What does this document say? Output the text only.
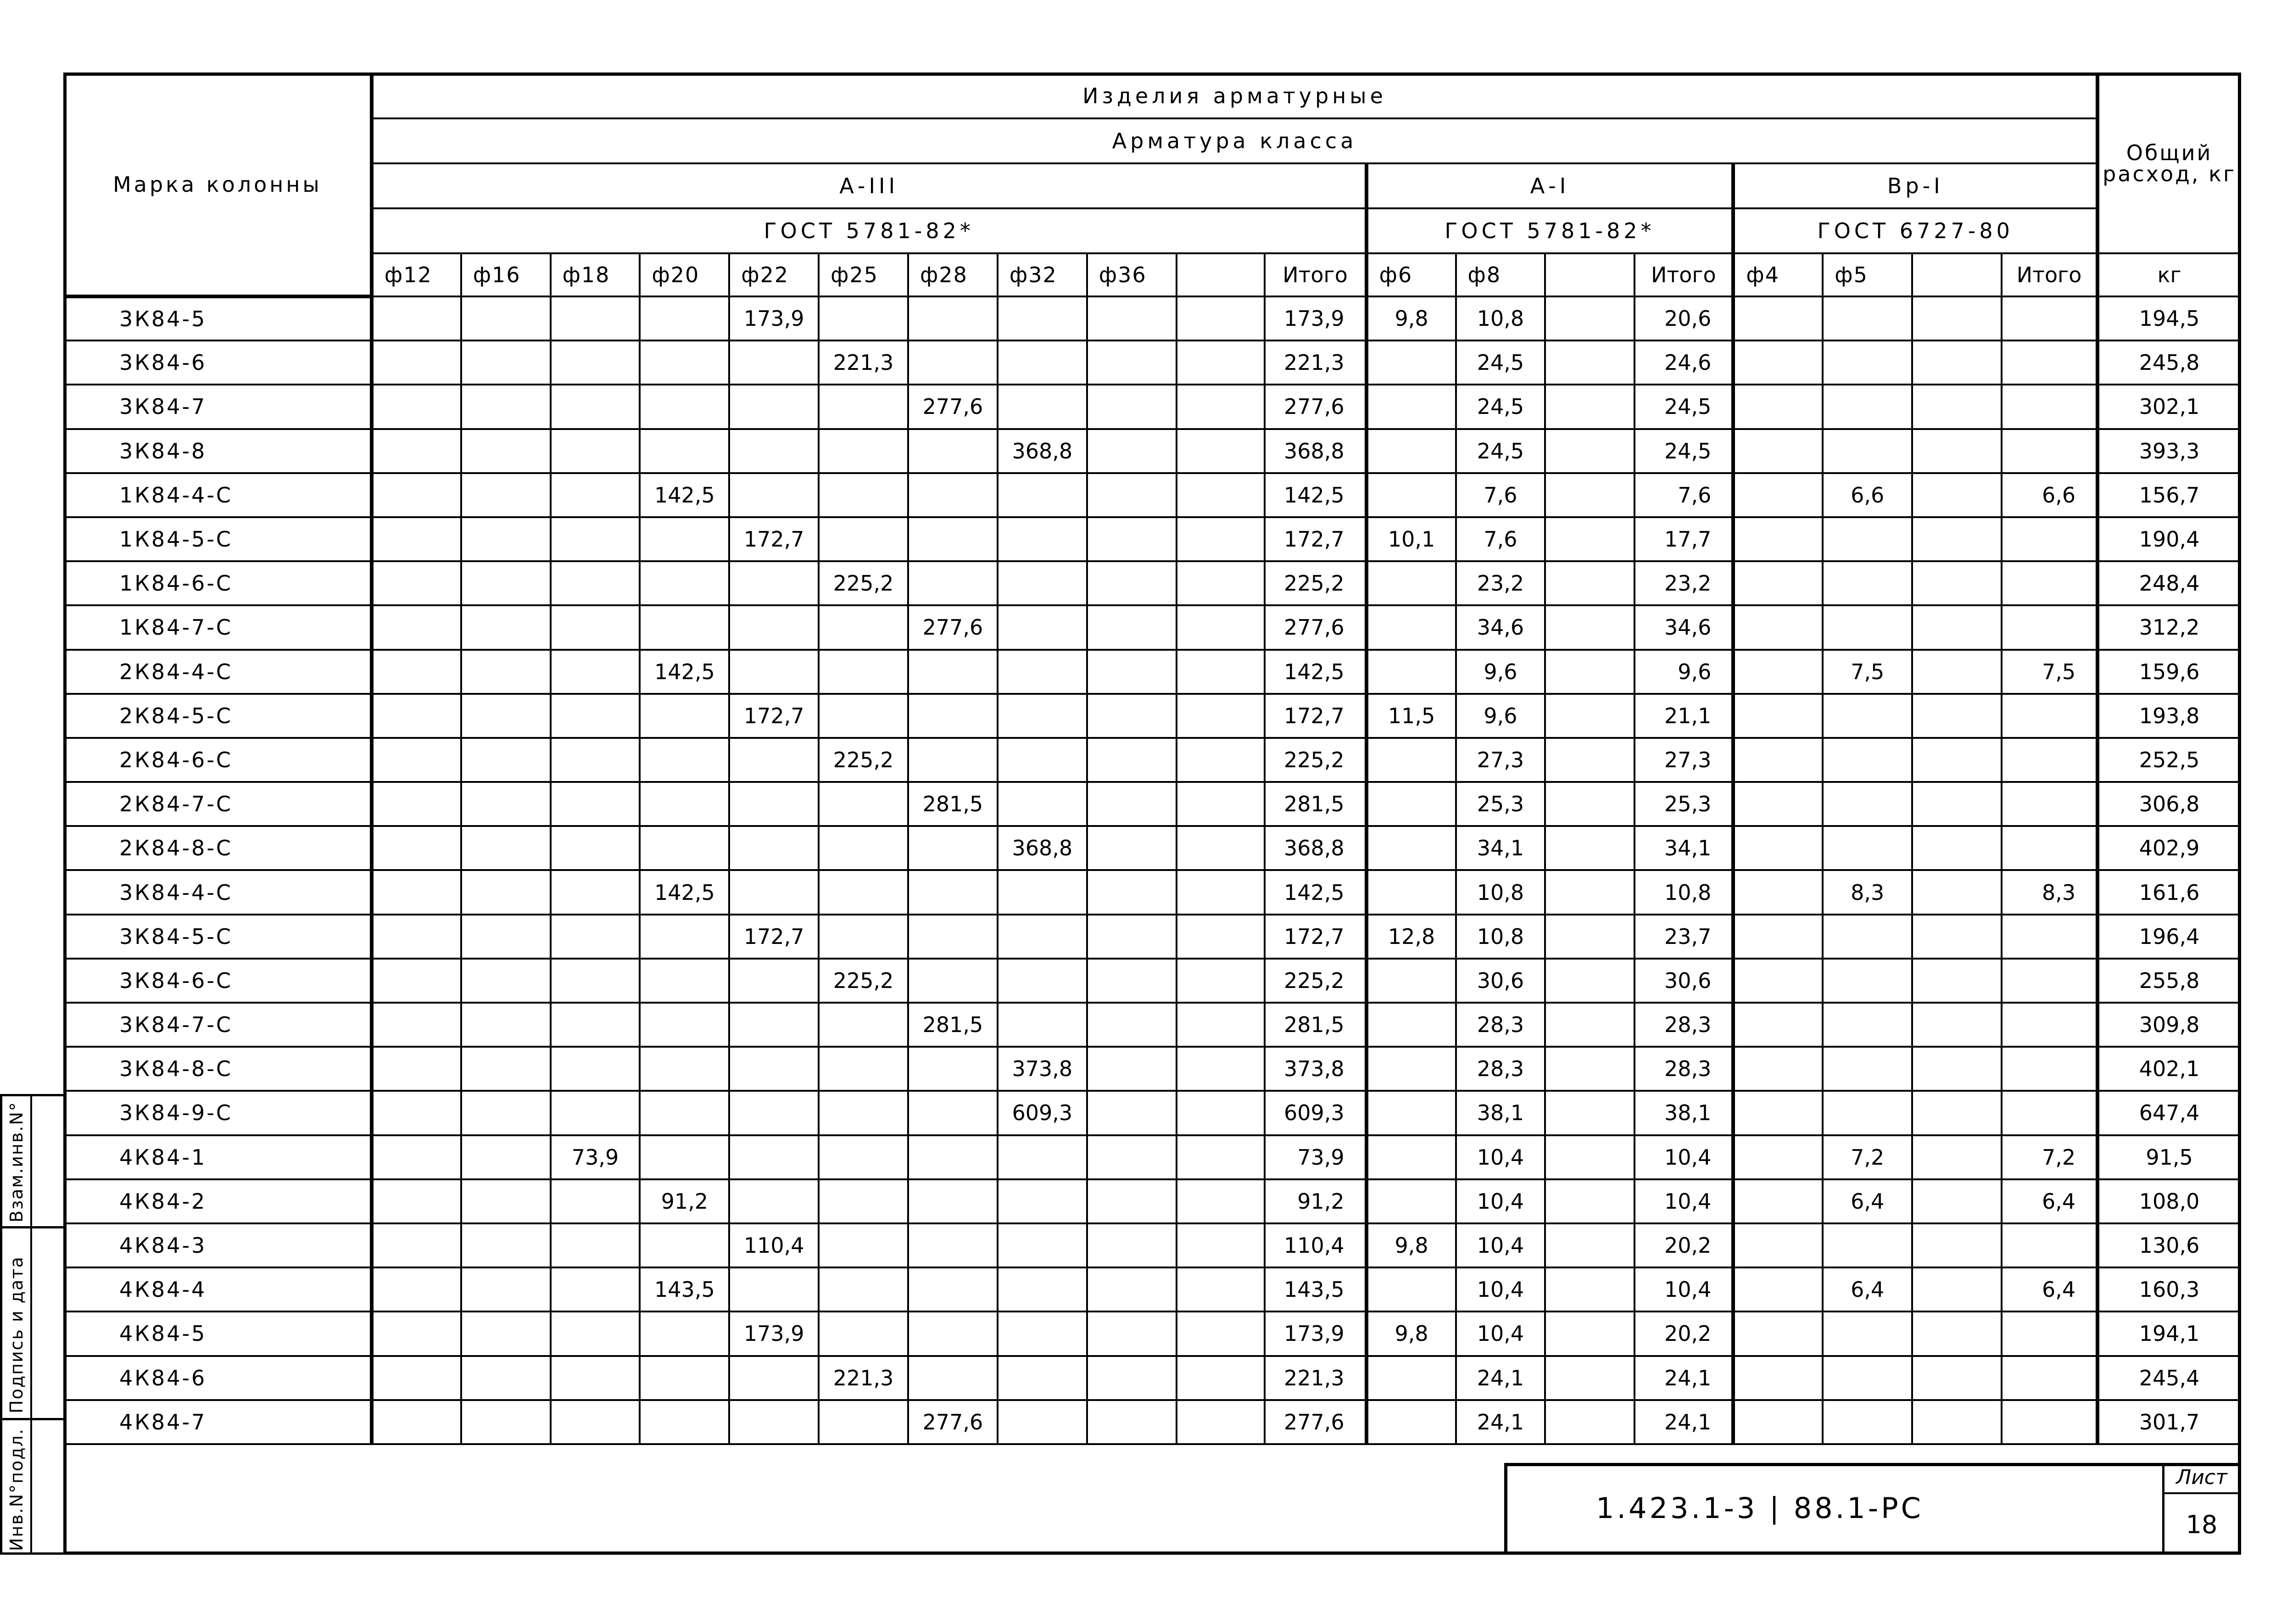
Марка колонны	Изделия арматурные																			Общий расход, кг
	Арматура класса																			
	А-III											А-I				Вр-I				
	ГОСТ 5781-82*											ГОСТ 5781-82*				ГОСТ 6727-80				
	ф12	ф16	ф18	ф20	ф22	ф25	ф28	ф32	ф36		Итого	ф6	ф8		Итого	ф4	ф5		Итого	кг
3К84-5					173,9						173,9	9,8	10,8		20,6					194,5
3К84-6						221,3					221,3		24,5		24,6					245,8
3К84-7							277,6				277,6		24,5		24,5					302,1
3К84-8								368,8			368,8		24,5		24,5					393,3
1К84-4-С				142,5							142,5		7,6		7,6		6,6		6,6	156,7
1К84-5-С					172,7						172,7	10,1	7,6		17,7					190,4
1К84-6-С						225,2					225,2		23,2		23,2					248,4
1К84-7-С							277,6				277,6		34,6		34,6					312,2
2К84-4-С				142,5							142,5		9,6		9,6		7,5		7,5	159,6
2К84-5-С					172,7						172,7	11,5	9,6		21,1					193,8
2К84-6-С						225,2					225,2		27,3		27,3					252,5
2К84-7-С							281,5				281,5		25,3		25,3					306,8
2К84-8-С								368,8			368,8		34,1		34,1					402,9
3К84-4-С				142,5							142,5		10,8		10,8		8,3		8,3	161,6
3К84-5-С					172,7						172,7	12,8	10,8		23,7					196,4
3К84-6-С						225,2					225,2		30,6		30,6					255,8
3К84-7-С							281,5				281,5		28,3		28,3					309,8
3К84-8-С								373,8			373,8		28,3		28,3					402,1
3К84-9-С								609,3			609,3		38,1		38,1					647,4
4К84-1			73,9								73,9		10,4		10,4		7,2		7,2	91,5
4К84-2				91,2							91,2		10,4		10,4		6,4		6,4	108,0
4К84-3					110,4						110,4	9,8	10,4		20,2					130,6
4К84-4				143,5							143,5		10,4		10,4		6,4		6,4	160,3
4К84-5					173,9						173,9	9,8	10,4		20,2					194,1
4К84-6						221,3					221,3		24,1		24,1					245,4
4К84-7							277,6				277,6		24,1		24,1					301,7
1.423.1-3 | 88.1-РС
Лист
18
Инв.N°подл.
Подпись и дата
Взам.инв.N°
